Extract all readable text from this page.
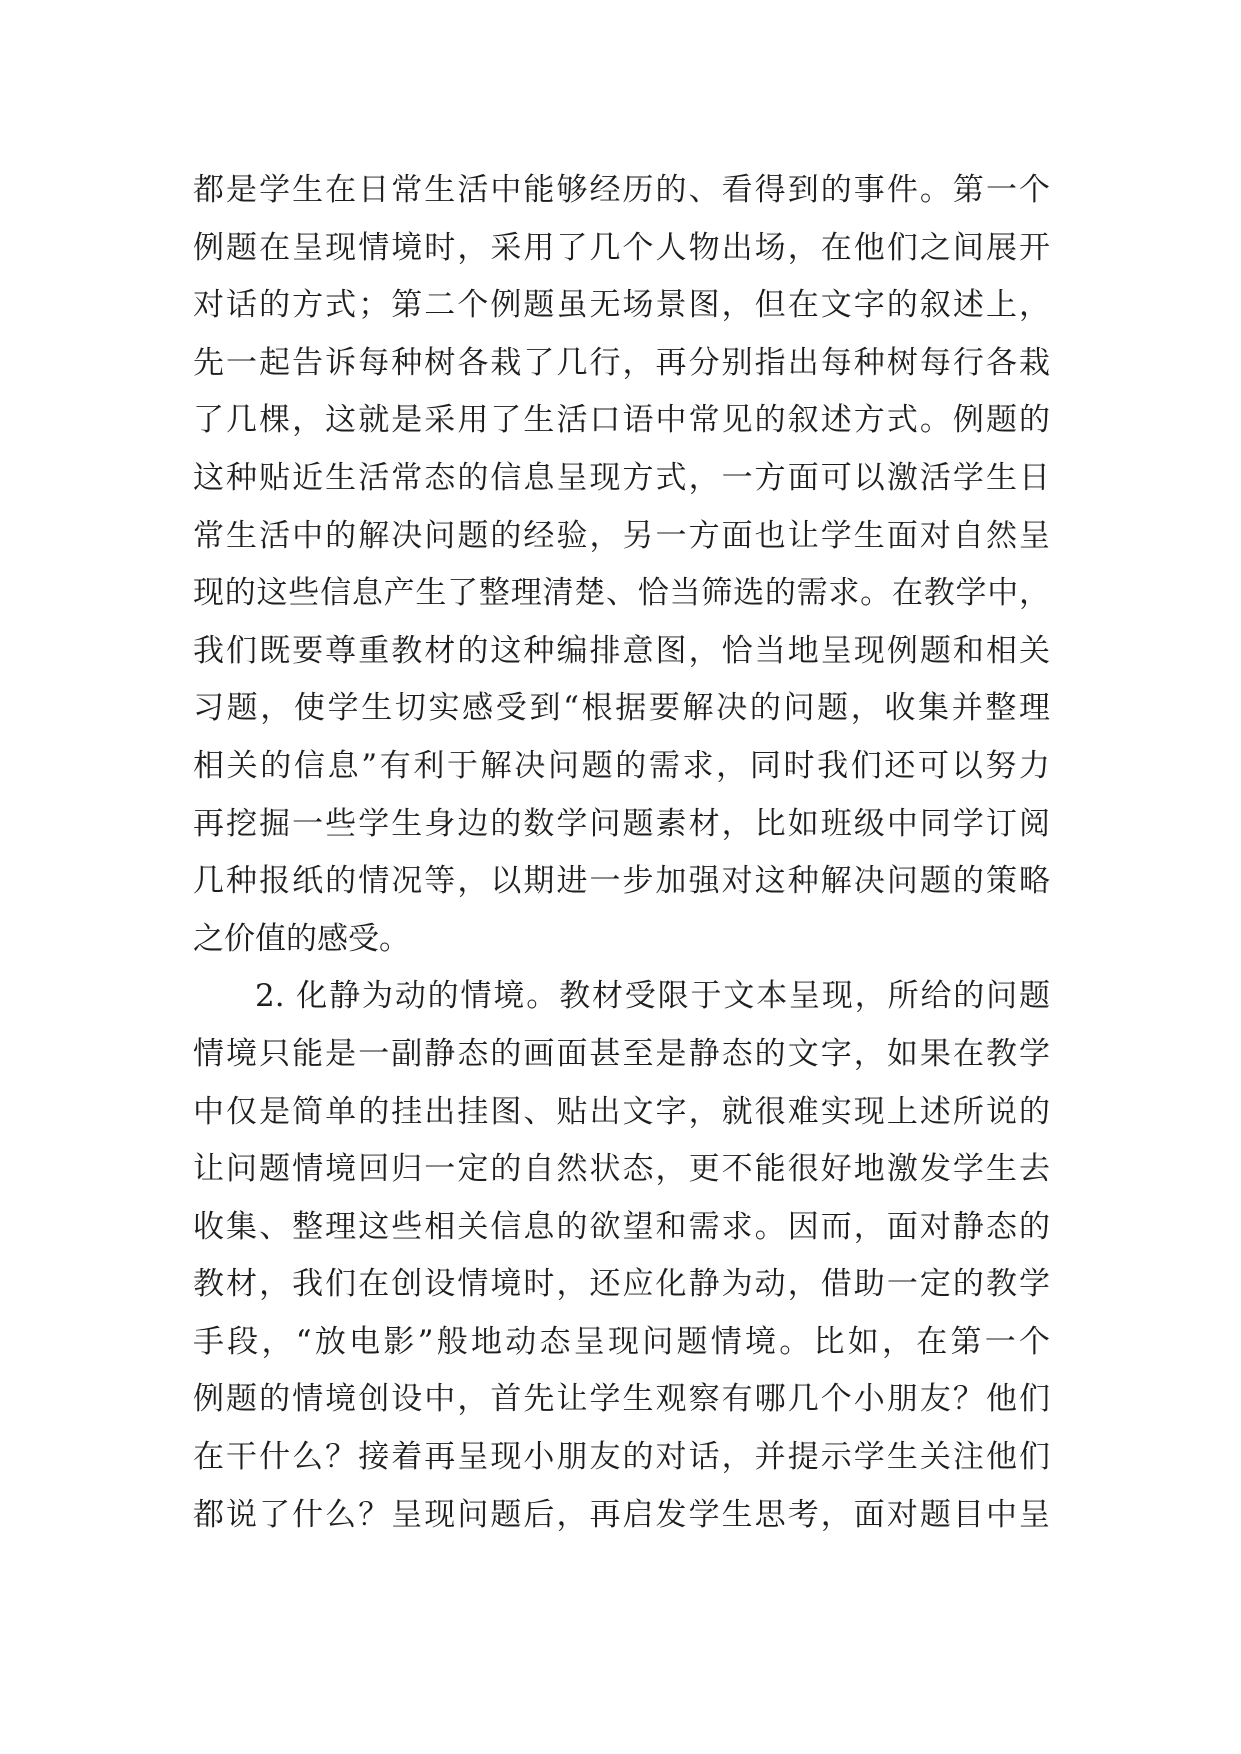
都是学生在日常生活中能够经历的、看得到的事件。第一个
例题在呈现情境时，采用了几个人物出场，在他们之间展开
对话的方式；第二个例题虽无场景图，但在文字的叙述上，
先一起告诉每种树各栽了几行，再分别指出每种树每行各栽
了几棵，这就是采用了生活口语中常见的叙述方式。例题的
这种贴近生活常态的信息呈现方式，一方面可以激活学生日
常生活中的解决问题的经验，另一方面也让学生面对自然呈
现的这些信息产生了整理清楚、恰当筛选的需求。在教学中，
我们既要尊重教材的这种编排意图，恰当地呈现例题和相关
习题，使学生切实感受到“根据要解决的问题，收集并整理
相关的信息”有利于解决问题的需求，同时我们还可以努力
再挖掘一些学生身边的数学问题素材，比如班级中同学订阅
几种报纸的情况等，以期进一步加强对这种解决问题的策略
之价值的感受。
2. 化静为动的情境。教材受限于文本呈现，所给的问题
情境只能是一副静态的画面甚至是静态的文字，如果在教学
中仅是简单的挂出挂图、贴出文字，就很难实现上述所说的
让问题情境回归一定的自然状态，更不能很好地激发学生去
收集、整理这些相关信息的欲望和需求。因而，面对静态的
教材，我们在创设情境时，还应化静为动，借助一定的教学
手段，“放电影”般地动态呈现问题情境。比如，在第一个
例题的情境创设中，首先让学生观察有哪几个小朋友？他们
在干什么？接着再呈现小朋友的对话，并提示学生关注他们
都说了什么？呈现问题后，再启发学生思考，面对题目中呈
